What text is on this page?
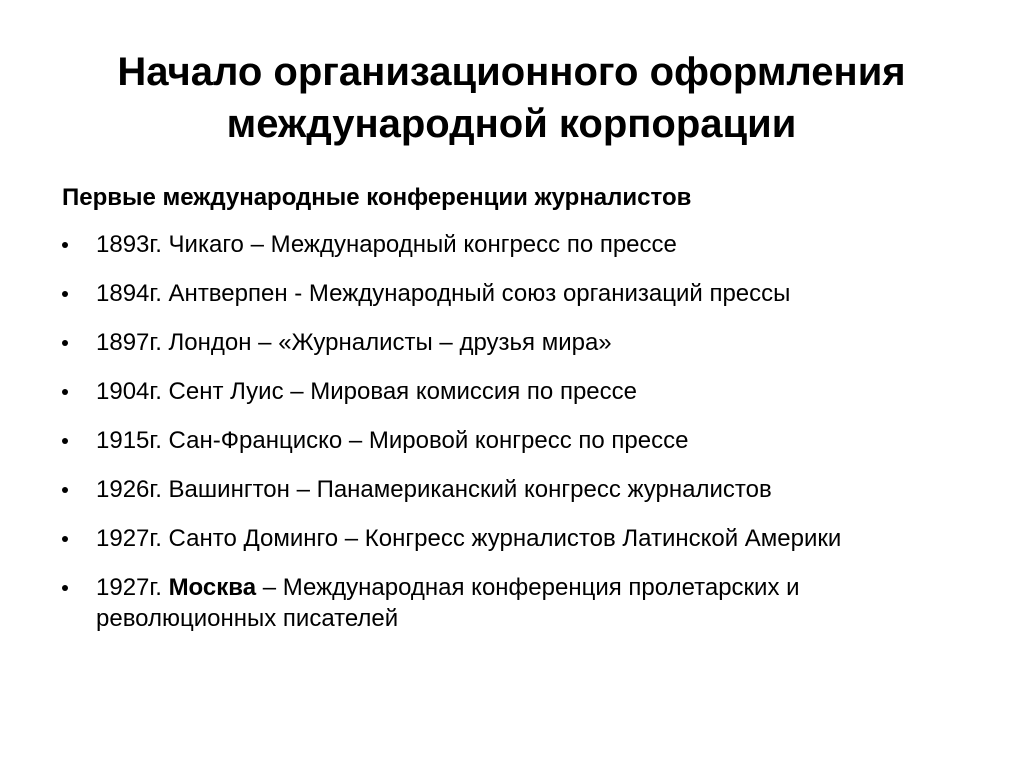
Начало организационного оформления
международной корпорации

Первые международные конференции журналистов

1893г. Чикаго – Международный конгресс по прессе
1894г. Антверпен - Международный союз организаций прессы
1897г. Лондон – «Журналисты – друзья мира»
1904г. Сент Луис – Мировая комиссия по прессе
1915г. Сан-Франциско – Мировой конгресс по прессе
1926г. Вашингтон – Панамериканский конгресс журналистов
1927г. Санто Доминго – Конгресс журналистов Латинской Америки
1927г. Москва – Международная конференция пролетарских и революционных писателей
